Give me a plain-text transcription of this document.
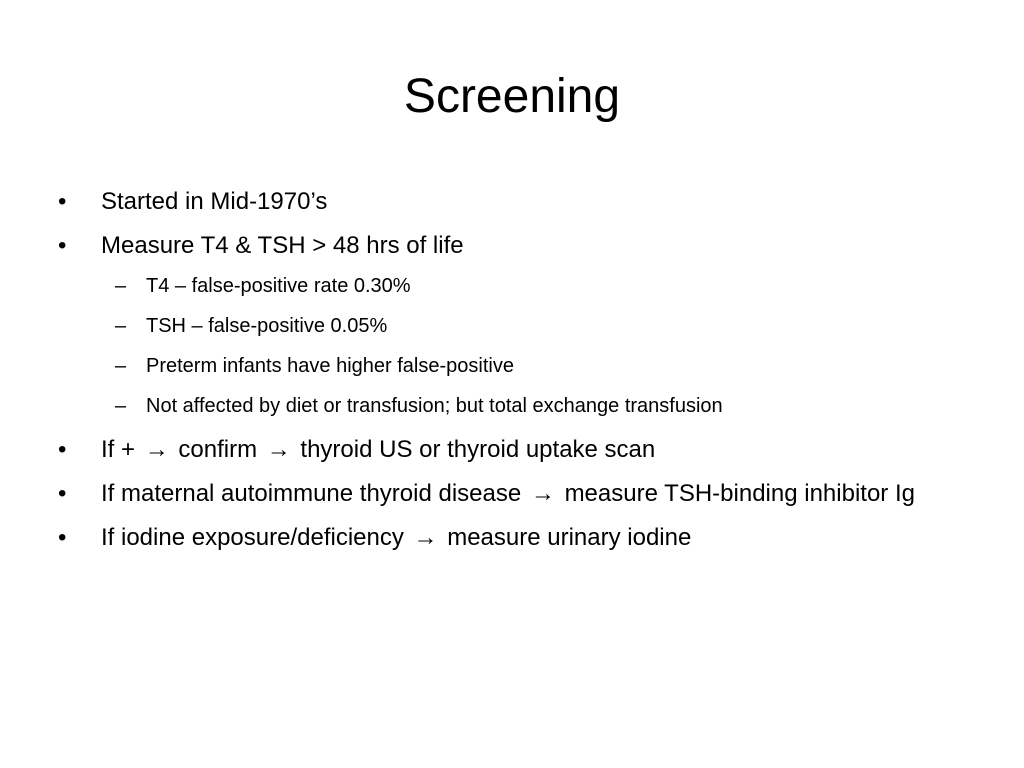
Screening
•	Started in Mid-1970’s
•	Measure T4 & TSH > 48 hrs of life
– T4 – false-positive rate 0.30%
– TSH – false-positive 0.05%
– Preterm infants have higher false-positive
– Not affected by diet or transfusion; but total exchange transfusion
•	If + → confirm → thyroid US or thyroid uptake scan
•	If maternal autoimmune thyroid disease → measure TSH-binding inhibitor Ig
•	If iodine exposure/deficiency → measure urinary iodine
